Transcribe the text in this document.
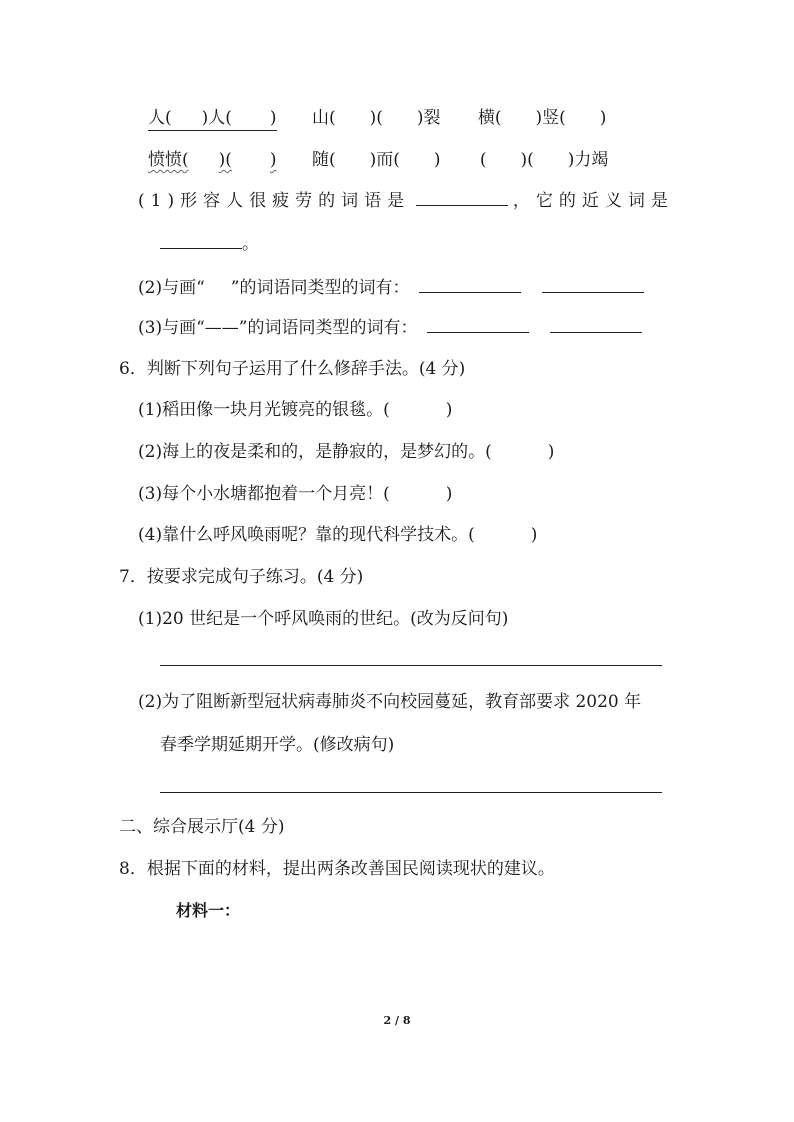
人( )人( ) 山(　　)(　　)裂 横(　　)竖(　　)
愤愤( )( ) 随(　　)而(　　) (　　)(　　)力竭
(1)形容人很疲劳的词语是	，它的近义词是
。
(2)与画“ ”的词语同类型的词有：
(3)与画“——”的词语同类型的词有：
6．判断下列句子运用了什么修辞手法。(4 分)
(1)稻田像一块月光镀亮的银毯。(	)
(2)海上的夜是柔和的，是静寂的，是梦幻的。(	)
(3)每个小水塘都抱着一个月亮！(	)
(4)靠什么呼风唤雨呢？靠的现代科学技术。(	)
7．按要求完成句子练习。(4 分)
(1)20 世纪是一个呼风唤雨的世纪。(改为反问句)
(2)为了阻断新型冠状病毒肺炎不向校园蔓延，教育部要求 2020 年
春季学期延期开学。(修改病句)
二、综合展示厅(4 分)
8．根据下面的材料，提出两条改善国民阅读现状的建议。
材料一：
2 / 8
